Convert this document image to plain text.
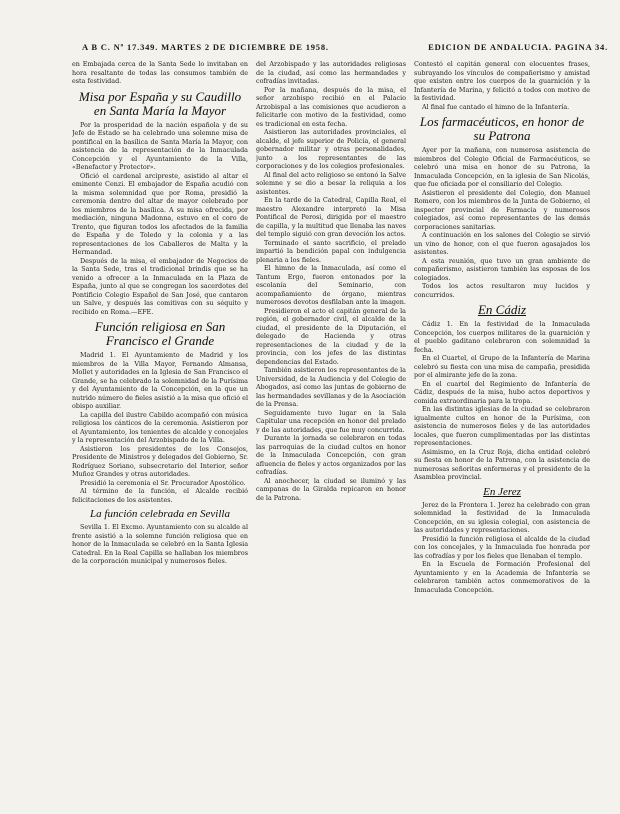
A B C. Nº 17.349. MARTES 2 DE DICIEMBRE DE 1958.	EDICION DE ANDALUCIA. PAGINA 34.

en Embajada cerca de la Santa Sede lo invitaban en hora resaltante de todas las consumos también de esta festividad.

Misa por España y su Caudillo en Santa María la Mayor

Por la prosperidad de la nación española y de su Jefe de Estado se ha celebrado una solemne misa de pontifical en la basílica de Santa María la Mayor, con asistencia de la representación de la Inmaculada Concepción y el Ayuntamiento de la Villa, «Benefactor y Protector».

Ofició el cardenal arcipreste, asistido al altar el eminente Cenzi. El embajador de España acudió con la misma solemnidad que por Roma, presidió la ceremonia dentro del altar de mayor celebrado por los miembros de la basílica. A su misa ofrecida, por mediación, ninguna Madonna, estuvo en el coro de Trento, que figuran todos los afectados de la familia de España y de Toledo y la colonia y a las representaciones de los Caballeros de Malta y la Hermandad.

Después de la misa, el embajador de Negocios de la Santa Sede, tras el tradicional brindis que se ha venido a ofrecer a la Inmaculada en la Plaza de España, junto al que se congregan los sacerdotes del Pontificio Colegio Español de San José, que cantaron un Salve, y después las comitivas con su séquito y recibido en Roma.—EFE.

Función religiosa en San Francisco el Grande

Madrid 1. El Ayuntamiento de Madrid y los miembros de la Villa Mayor, Fernando Almansa, Mollet y autoridades en la Iglesia de San Francisco el Grande, se ha celebrado la solemnidad de la Purísima y del Ayuntamiento de la Concepción, en la que un nutrido número de fieles asistió a la misa que ofició el obispo auxiliar.

La capilla del ilustre Cabildo acompañó con música religiosa los cánticos de la ceremonia. Asistieron por el Ayuntamiento, los tenientes de alcalde y concejales y la representación del Arzobispado de la Villa.

Asistieron los presidentes de los Consejos, Presidente de Ministros y delegados del Gobierno, Sr. Rodríguez Soriano, subsecretario del Interior, señor Muñoz Grandes y otras autoridades.

Presidió la ceremonia el Sr. Procurador Apostólico.

Al término de la función, el Alcalde recibió felicitaciones de los asistentes.

La función celebrada en Sevilla

Sevilla 1. El Excmo. Ayuntamiento con su alcalde al frente asistió a la solemne función religiosa que en honor de la Inmaculada se celebró en la Santa Iglesia Catedral. En la Real Capilla se hallaban los miembros de la corporación municipal y numerosos fieles.

del Arzobispado y las autoridades religiosas de la ciudad, así como las hermandades y cofradías invitadas.

Por la mañana, después de la misa, el señor arzobispo recibió en el Palacio Arzobispal a las comisiones que acudieron a felicitarle con motivo de la festividad, como es tradicional en esta fecha.

Asistieron las autoridades provinciales, el alcalde, el jefe superior de Policía, el general gobernador militar y otras personalidades, junto a los representantes de las corporaciones y de los colegios profesionales.

Al final del acto religioso se entonó la Salve solemne y se dio a besar la reliquia a los asistentes.

En la tarde de la Catedral, Capilla Real, el maestro Alexandre interpretó la Misa Pontifical de Perosi, dirigida por el maestro de capilla, y la multitud que llenaba las naves del templo siguió con gran devoción los actos.

Terminado el santo sacrificio, el prelado impartió la bendición papal con indulgencia plenaria a los fieles.

El himno de la Inmaculada, así como el Tantum Ergo, fueron entonados por la escolanía del Seminario, con acompañamiento de órgano, mientras numerosos devotos desfilaban ante la imagen.

Presidieron el acto el capitán general de la región, el gobernador civil, el alcalde de la ciudad, el presidente de la Diputación, el delegado de Hacienda y otras representaciones de la ciudad y de la provincia, con los jefes de las distintas dependencias del Estado.

También asistieron los representantes de la Universidad, de la Audiencia y del Colegio de Abogados, así como las juntas de gobierno de las hermandades sevillanas y de la Asociación de la Prensa.

Seguidamente tuvo lugar en la Sala Capitular una recepción en honor del prelado y de las autoridades, que fue muy concurrida.

Durante la jornada se celebraron en todas las parroquias de la ciudad cultos en honor de la Inmaculada Concepción, con gran afluencia de fieles y actos organizados por las cofradías.

Al anochecer, la ciudad se iluminó y las campanas de la Giralda repicaron en honor de la Patrona.

Contestó el capitán general con elocuentes frases, subrayando los vínculos de compañerismo y amistad que existen entre los cuerpos de la guarnición y la Infantería de Marina, y felicitó a todos con motivo de la festividad.

Al final fue cantado el himno de la Infantería.

Los farmacéuticos, en honor de su Patrona

Ayer por la mañana, con numerosa asistencia de miembros del Colegio Oficial de Farmacéuticos, se celebró una misa en honor de su Patrona, la Inmaculada Concepción, en la iglesia de San Nicolás, que fue oficiada por el consiliario del Colegio.

Asistieron el presidente del Colegio, don Manuel Romero, con los miembros de la Junta de Gobierno, el inspector provincial de Farmacia y numerosos colegiados, así como representantes de las demás corporaciones sanitarias.

A continuación en los salones del Colegio se sirvió un vino de honor, con el que fueron agasajados los asistentes.

A esta reunión, que tuvo un gran ambiente de compañerismo, asistieron también las esposas de los colegiados.

Todos los actos resultaron muy lucidos y concurridos.

En Cádiz

Cádiz 1. En la festividad de la Inmaculada Concepción, los cuerpos militares de la guarnición y el pueblo gaditano celebraron con solemnidad la fecha.

En el Cuartel, el Grupo de la Infantería de Marina celebró su fiesta con una misa de campaña, presidida por el almirante jefe de la zona.

En el cuartel del Regimiento de Infantería de Cádiz, después de la misa, hubo actos deportivos y comida extraordinaria para la tropa.

En las distintas iglesias de la ciudad se celebraron igualmente cultos en honor de la Purísima, con asistencia de numerosos fieles y de las autoridades locales, que fueron cumplimentadas por las distintas representaciones.

Asimismo, en la Cruz Roja, dicha entidad celebró su fiesta en honor de la Patrona, con la asistencia de numerosas señoritas enfermeras y el presidente de la Asamblea provincial.

En Jerez

Jerez de la Frontera 1. Jerez ha celebrado con gran solemnidad la festividad de la Inmaculada Concepción, en su iglesia colegial, con asistencia de las autoridades y representaciones.

Presidió la función religiosa el alcalde de la ciudad con los concejales, y la Inmaculada fue honrada por las cofradías y por los fieles que llenaban el templo.

En la Escuela de Formación Profesional del Ayuntamiento y en la Academia de Infantería se celebraron también actos conmemorativos de la Inmaculada Concepción.
